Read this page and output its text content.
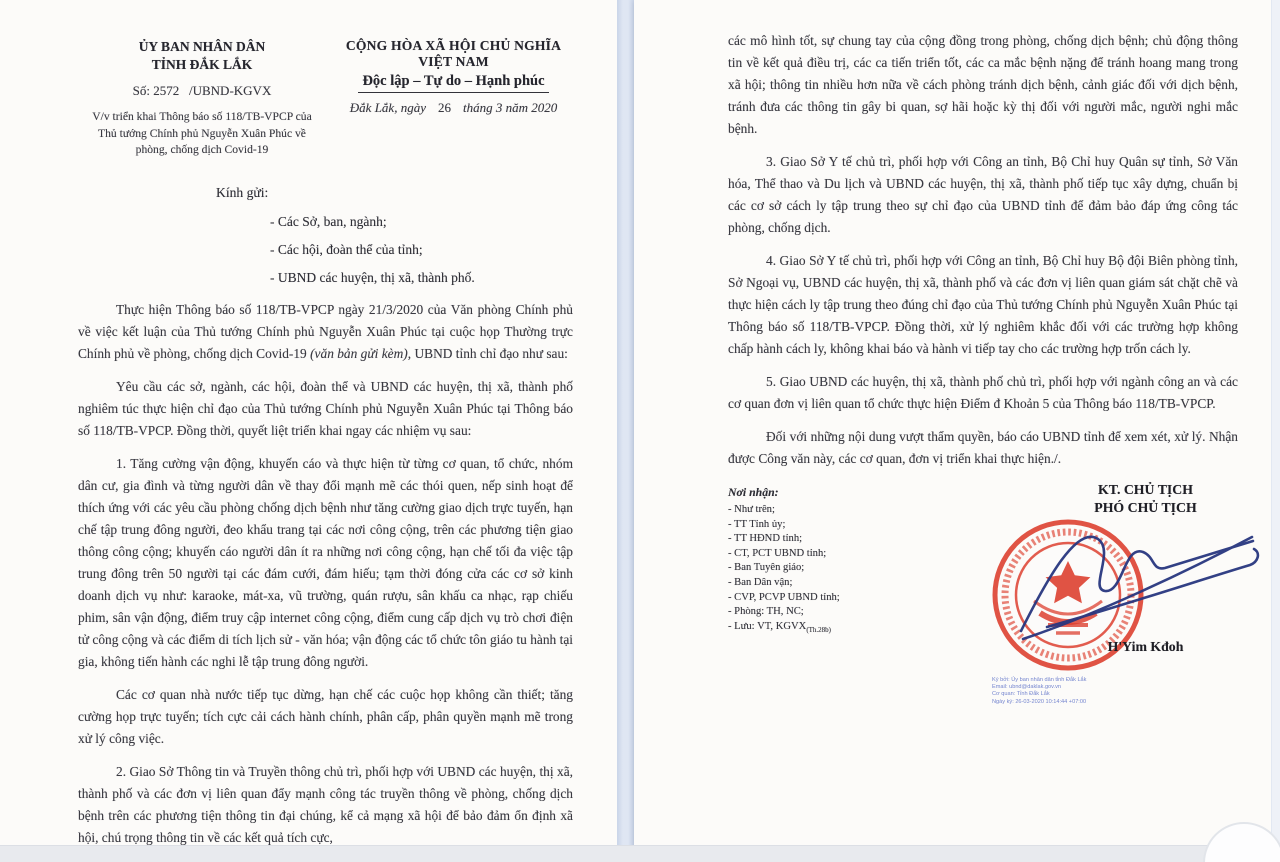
ỦY BAN NHÂN DÂN
TỈNH ĐẮK LẮK
Số: 2572   /UBND-KGVX
V/v triển khai Thông báo số 118/TB-VPCP của Thủ tướng Chính phủ Nguyễn Xuân Phúc về phòng, chống dịch Covid-19
CỘNG HÒA XÃ HỘI CHỦ NGHĨA VIỆT NAM
Độc lập – Tự do – Hạnh phúc
Đắk Lắk, ngày 26 tháng 3 năm 2020
Kính gửi:
- Các Sở, ban, ngành;
- Các hội, đoàn thể của tỉnh;
- UBND các huyện, thị xã, thành phố.

Thực hiện Thông báo số 118/TB-VPCP ngày 21/3/2020 của Văn phòng Chính phủ về việc kết luận của Thủ tướng Chính phủ Nguyễn Xuân Phúc tại cuộc họp Thường trực Chính phủ về phòng, chống dịch Covid-19 (văn bản gửi kèm), UBND tỉnh chỉ đạo như sau:

Yêu cầu các sở, ngành, các hội, đoàn thể và UBND các huyện, thị xã, thành phố nghiêm túc thực hiện chỉ đạo của Thủ tướng Chính phủ Nguyễn Xuân Phúc tại Thông báo số 118/TB-VPCP. Đồng thời, quyết liệt triển khai ngay các nhiệm vụ sau:

1. Tăng cường vận động, khuyến cáo và thực hiện từ từng cơ quan, tổ chức, nhóm dân cư, gia đình và từng người dân về thay đổi mạnh mẽ các thói quen, nếp sinh hoạt để thích ứng với các yêu cầu phòng chống dịch bệnh như tăng cường giao dịch trực tuyến, hạn chế tập trung đông người, đeo khẩu trang tại các nơi công cộng, trên các phương tiện giao thông công cộng; khuyến cáo người dân ít ra những nơi công cộng, hạn chế tối đa việc tập trung đông trên 50 người tại các đám cưới, đám hiếu; tạm thời đóng cửa các cơ sở kinh doanh dịch vụ như: karaoke, mát-xa, vũ trường, quán rượu, sân khấu ca nhạc, rạp chiếu phim, sân vận động, điểm truy cập internet công cộng, điểm cung cấp dịch vụ trò chơi điện tử công cộng và các điểm di tích lịch sử - văn hóa; vận động các tổ chức tôn giáo tu hành tại gia, không tiến hành các nghi lễ tập trung đông người.

Các cơ quan nhà nước tiếp tục dừng, hạn chế các cuộc họp không cần thiết; tăng cường họp trực tuyến; tích cực cải cách hành chính, phân cấp, phân quyền mạnh mẽ trong xử lý công việc.

2. Giao Sở Thông tin và Truyền thông chủ trì, phối hợp với UBND các huyện, thị xã, thành phố và các đơn vị liên quan đẩy mạnh công tác truyền thông về phòng, chống dịch bệnh trên các phương tiện thông tin đại chúng, kể cả mạng xã hội để bảo đảm ổn định xã hội, chú trọng thông tin về các kết quả tích cực,

các mô hình tốt, sự chung tay của cộng đồng trong phòng, chống dịch bệnh; chủ động thông tin về kết quả điều trị, các ca tiến triển tốt, các ca mắc bệnh nặng để tránh hoang mang trong xã hội; thông tin nhiều hơn nữa về cách phòng tránh dịch bệnh, cảnh giác đối với dịch bệnh, tránh đưa các thông tin gây bi quan, sợ hãi hoặc kỳ thị đối với người mắc, người nghi mắc bệnh.

3. Giao Sở Y tế chủ trì, phối hợp với Công an tỉnh, Bộ Chỉ huy Quân sự tỉnh, Sở Văn hóa, Thể thao và Du lịch và UBND các huyện, thị xã, thành phố tiếp tục xây dựng, chuẩn bị các cơ sở cách ly tập trung theo sự chỉ đạo của UBND tỉnh để đảm bảo đáp ứng công tác phòng, chống dịch.

4. Giao Sở Y tế chủ trì, phối hợp với Công an tỉnh, Bộ Chỉ huy Bộ đội Biên phòng tỉnh, Sở Ngoại vụ, UBND các huyện, thị xã, thành phố và các đơn vị liên quan giám sát chặt chẽ và thực hiện cách ly tập trung theo đúng chỉ đạo của Thủ tướng Chính phủ Nguyễn Xuân Phúc tại Thông báo số 118/TB-VPCP. Đồng thời, xử lý nghiêm khắc đối với các trường hợp không chấp hành cách ly, không khai báo và hành vi tiếp tay cho các trường hợp trốn cách ly.

5. Giao UBND các huyện, thị xã, thành phố chủ trì, phối hợp với ngành công an và các cơ quan đơn vị liên quan tổ chức thực hiện Điểm đ Khoản 5 của Thông báo 118/TB-VPCP.

Đối với những nội dung vượt thẩm quyền, báo cáo UBND tỉnh để xem xét, xử lý. Nhận được Công văn này, các cơ quan, đơn vị triển khai thực hiện./.

Nơi nhận:
- Như trên;
- TT Tỉnh ủy;
- TT HĐND tỉnh;
- CT, PCT UBND tỉnh;
- Ban Tuyên giáo;
- Ban Dân vận;
- CVP, PCVP UBND tỉnh;
- Phòng: TH, NC;
- Lưu: VT, $KGVX_{(Th.28b)}$
KT. CHỦ TỊCH
PHÓ CHỦ TỊCH
H'Yim Kđoh
Ký bởi: Ủy ban nhân dân tỉnh Đắk Lắk
Email: ubnd@daklak.gov.vn
Cơ quan: Tỉnh Đắk Lắk
Ngày ký: 26-03-2020 10:14:44 +07:00
